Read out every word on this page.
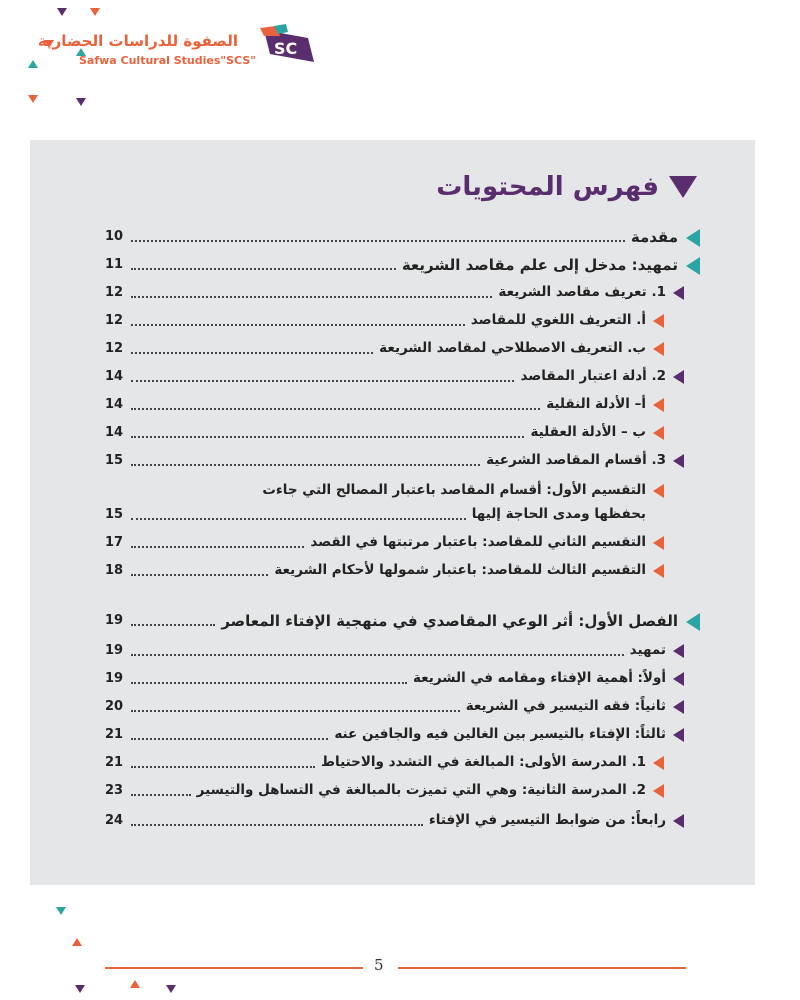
الصفوة للدراسات الحضارية
Safwa Cultural Studies"SCS"
SC
فهرس المحتويات
مقدمة
10
تمهيد: مدخل إلى علم مقاصد الشريعة
11
1. تعريف مقاصد الشريعة
12
أ. التعريف اللغوي للمقاصد
12
ب. التعريف الاصطلاحي لمقاصد الشريعة
12
2. أدلة اعتبار المقاصد
14
أ– الأدلة النقلية
14
ب – الأدلة العقلية
14
3. أقسام المقاصد الشرعية
15
التقسيم الأول: أقسام المقاصد باعتبار المصالح التي جاءت
بحفظها ومدى الحاجة إليها
15
التقسيم الثاني للمقاصد: باعتبار مرتبتها في القصد
17
التقسيم الثالث للمقاصد: باعتبار شمولها لأحكام الشريعة
18
الفصل الأول: أثر الوعي المقاصدي في منهجية الإفتاء المعاصر
19
تمهيد
19
أولاً: أهمية الإفتاء ومقامه في الشريعة
19
ثانياً: فقه التيسير في الشريعة
20
ثالثاً: الإفتاء بالتيسير بين الغالين فيه والجافين عنه
21
1. المدرسة الأولى: المبالغة في التشدد والاحتياط
21
2. المدرسة الثانية: وهي التي تميزت بالمبالغة في التساهل والتيسير
23
رابعاً: من ضوابط التيسير في الإفتاء
24
5
